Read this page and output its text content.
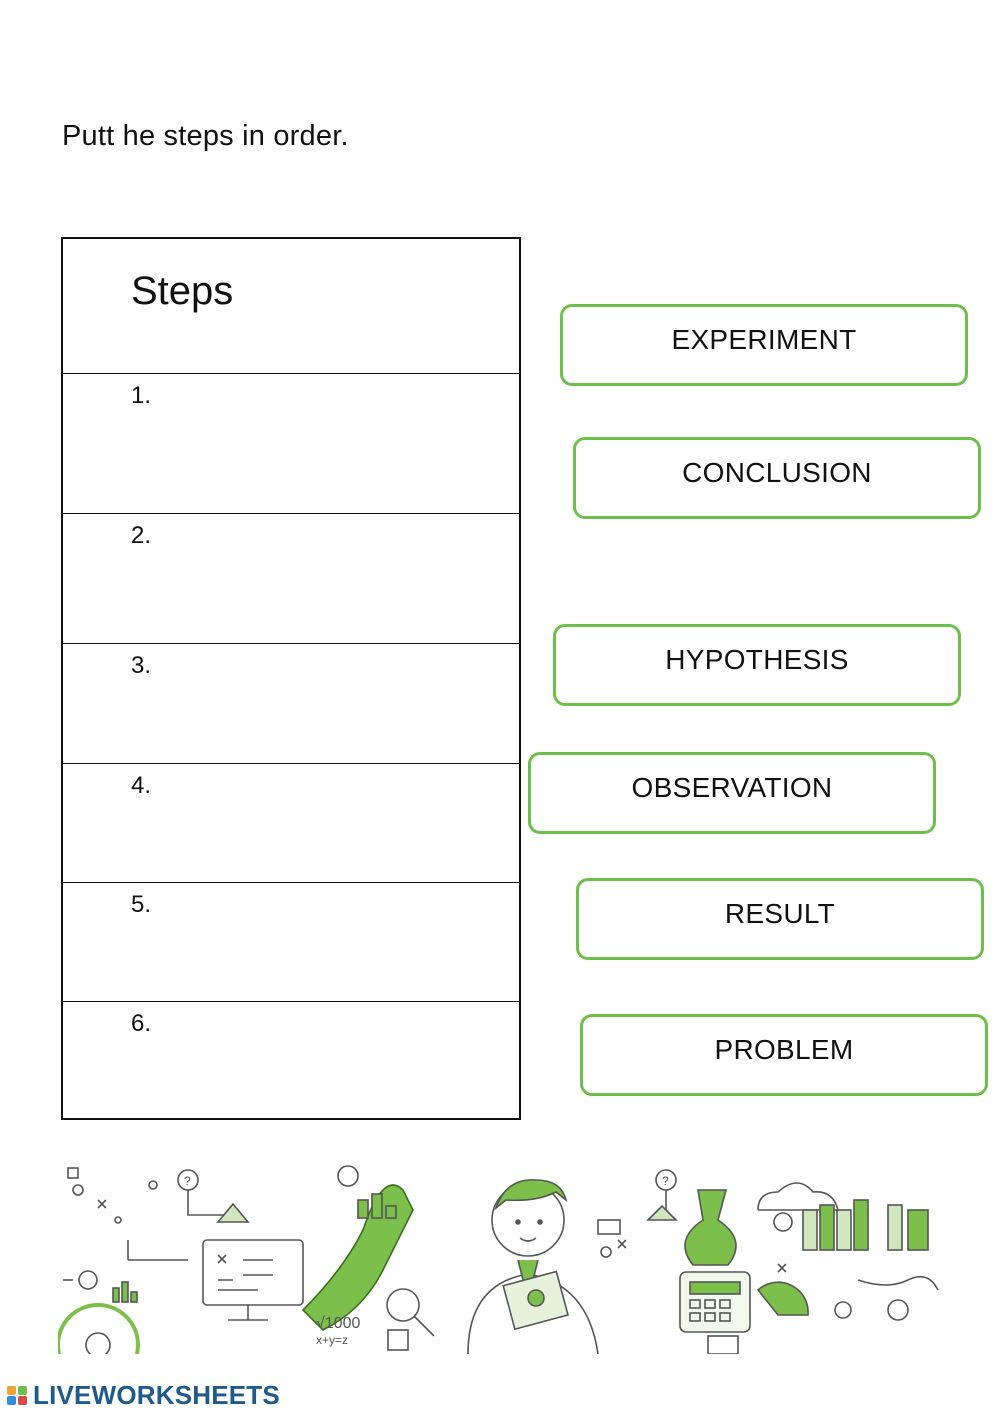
Putt he steps in order.
Steps
1.
2.
3.
4.
5.
6.
EXPERIMENT
CONCLUSION
HYPOTHESIS
OBSERVATION
RESULT
PROBLEM
?
√1000
x+y=z
?
LIVEWORKSHEETS
